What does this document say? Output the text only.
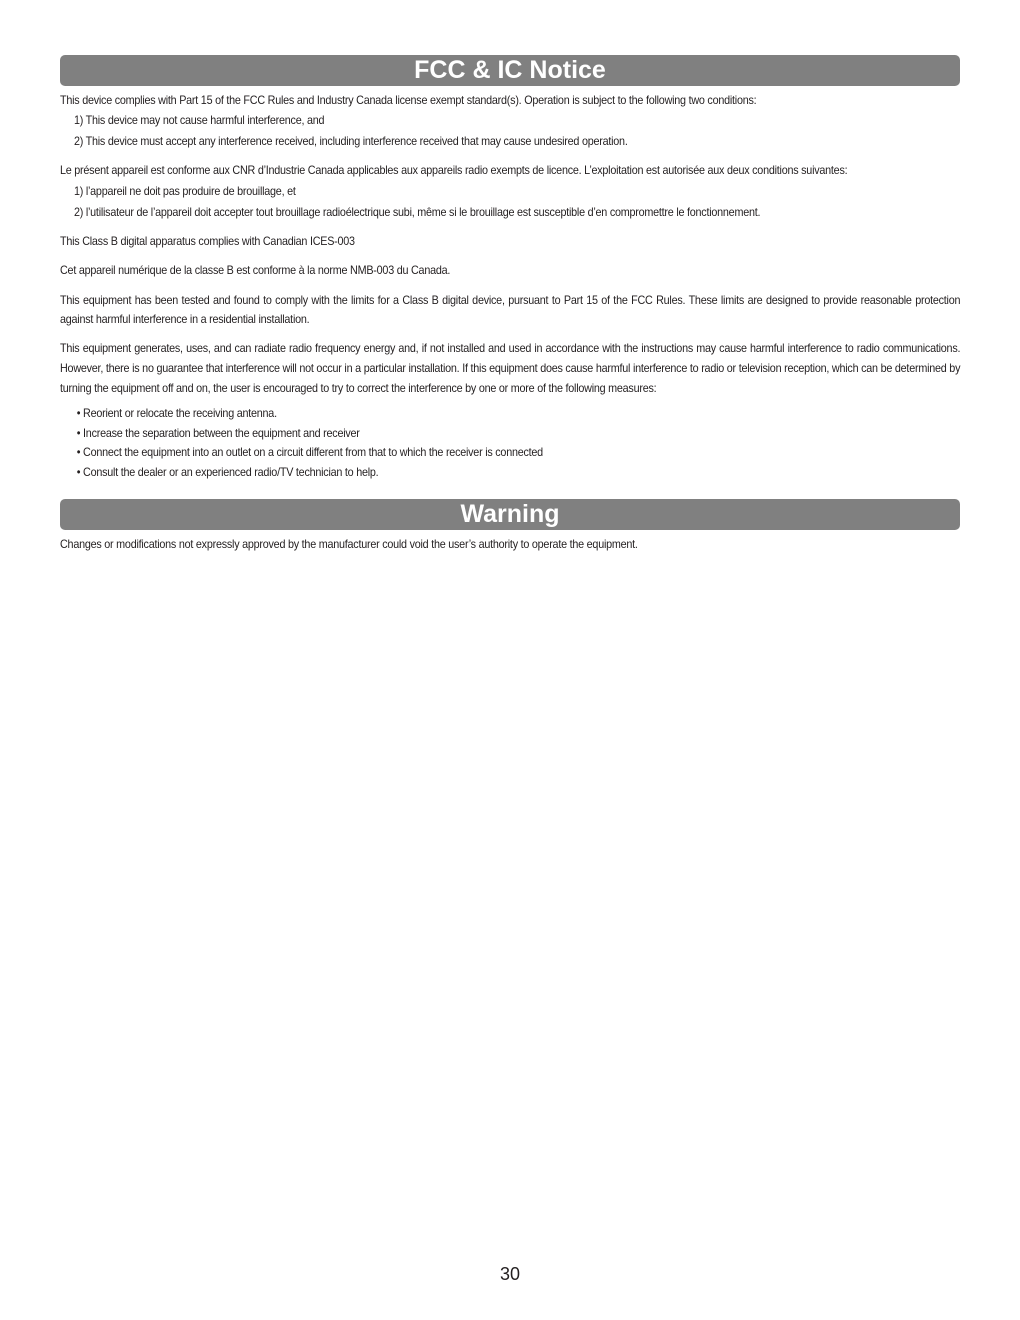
FCC & IC Notice

This device complies with Part 15 of the FCC Rules and Industry Canada license exempt standard(s). Operation is subject to the following two conditions:

1) This device may not cause harmful interference, and
2) This device must accept any interference received, including interference received that may cause undesired operation.

Le présent appareil est conforme aux CNR d’Industrie Canada applicables aux appareils radio exempts de licence. L’exploitation est autorisée aux deux conditions suivantes:

1) l’appareil ne doit pas produire de brouillage, et
2) l’utilisateur de l’appareil doit accepter tout brouillage radioélectrique subi, même si le brouillage est susceptible d’en compromettre le fonctionnement.

This Class B digital apparatus complies with Canadian ICES-003

Cet appareil numérique de la classe B est conforme à la norme NMB-003 du Canada.

This equipment has been tested and found to comply with the limits for a Class B digital device, pursuant to Part 15 of the FCC Rules. These limits are designed to provide reasonable protection against harmful interference in a residential installation.

This equipment generates, uses, and can radiate radio frequency energy and, if not installed and used in accordance with the instructions may cause harmful interference to radio communications. However, there is no guarantee that interference will not occur in a particular installation. If this equipment does cause harmful interference to radio or television reception, which can be determined by turning the equipment off and on, the user is encouraged to try to correct the interference by one or more of the following measures:

• Reorient or relocate the receiving antenna.
• Increase the separation between the equipment and receiver
• Connect the equipment into an outlet on a circuit different from that to which the receiver is connected
• Consult the dealer or an experienced radio/TV technician to help.
Warning

Changes or modifications not expressly approved by the manufacturer could void the user’s authority to operate the equipment.

30
